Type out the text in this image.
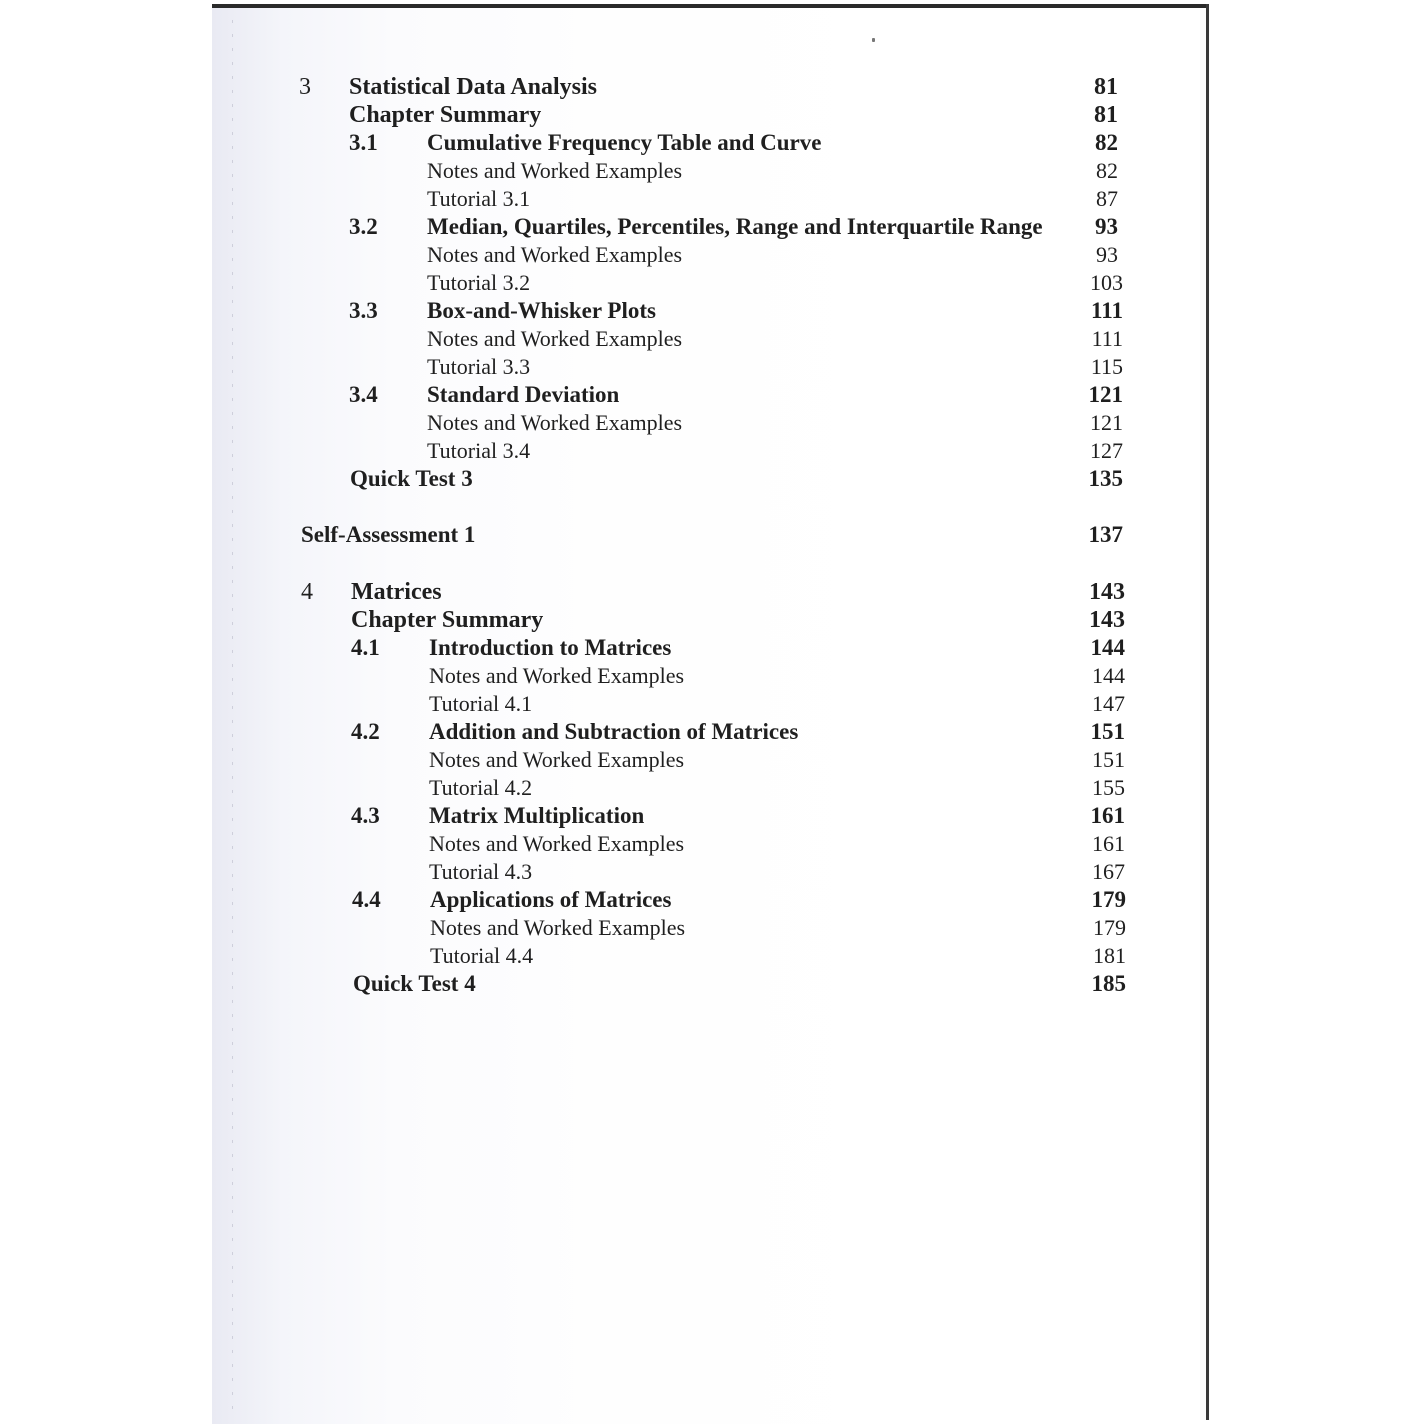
3 Statistical Data Analysis	81
Chapter Summary	81
3.1 Cumulative Frequency Table and Curve	82
Notes and Worked Examples	82
Tutorial 3.1	87
3.2 Median, Quartiles, Percentiles, Range and Interquartile Range	93
Notes and Worked Examples	93
Tutorial 3.2	103
3.3 Box-and-Whisker Plots	111
Notes and Worked Examples	111
Tutorial 3.3	115
3.4 Standard Deviation	121
Notes and Worked Examples	121
Tutorial 3.4	127
Quick Test 3	135
Self-Assessment 1	137
4 Matrices	143
Chapter Summary	143
4.1 Introduction to Matrices	144
Notes and Worked Examples	144
Tutorial 4.1	147
4.2 Addition and Subtraction of Matrices	151
Notes and Worked Examples	151
Tutorial 4.2	155
4.3 Matrix Multiplication	161
Notes and Worked Examples	161
Tutorial 4.3	167
4.4 Applications of Matrices	179
Notes and Worked Examples	179
Tutorial 4.4	181
Quick Test 4	185
